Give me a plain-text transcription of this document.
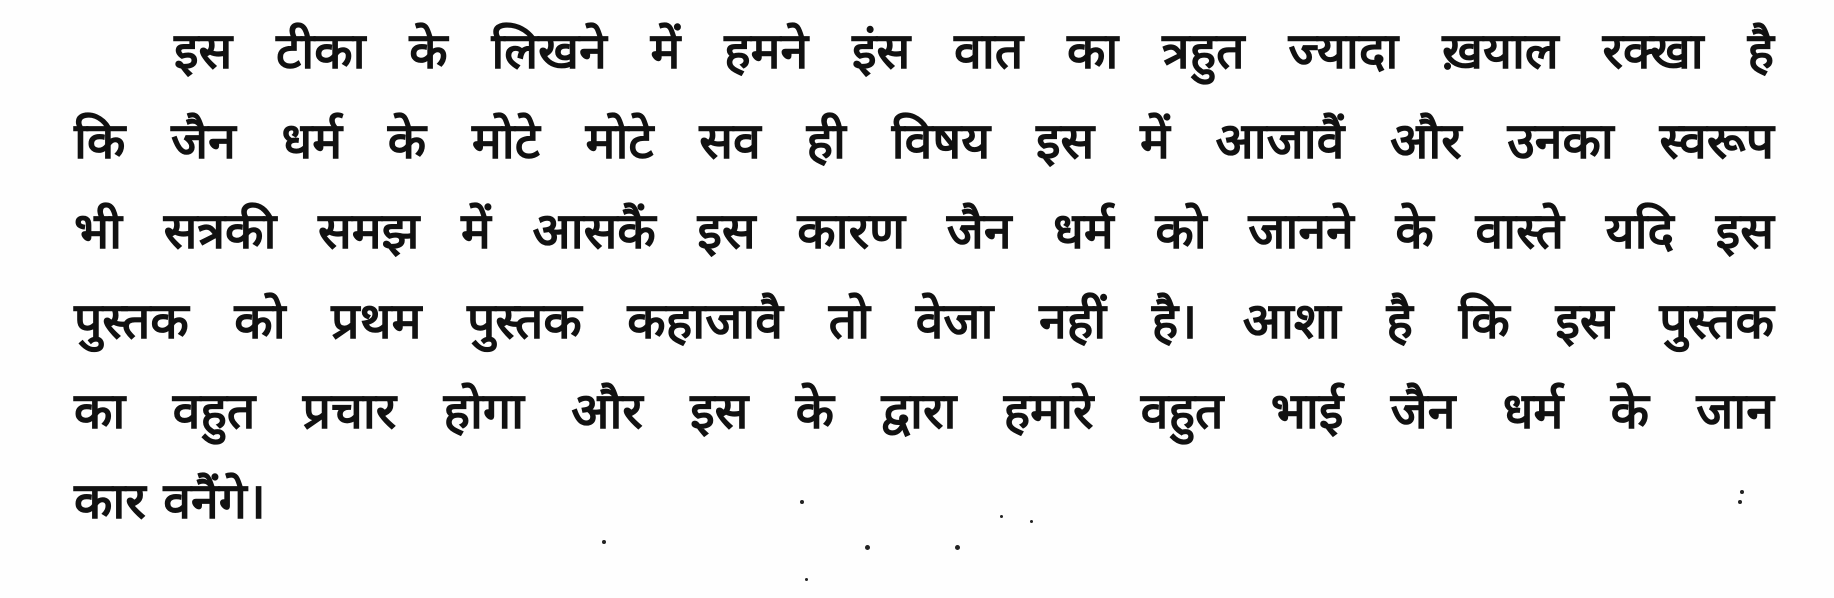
इस टीका के लिखने में हमने इंस वात का त्रहुत ज्यादा ख़याल रक्खा है
कि जैन धर्म के मोटे मोटे सव ही विषय इस में आजावैं और उनका स्वरूप
भी सत्रकी समझ में आसकैं इस कारण जैन धर्म को जानने के वास्ते यदि इस
पुस्तक को प्रथम पुस्तक कहाजावै तो वेजा नहीं है। आशा है कि इस पुस्तक
का वहुत प्रचार होगा और इस के द्वारा हमारे वहुत भाई जैन धर्म के जान
कार वनैंगे।
